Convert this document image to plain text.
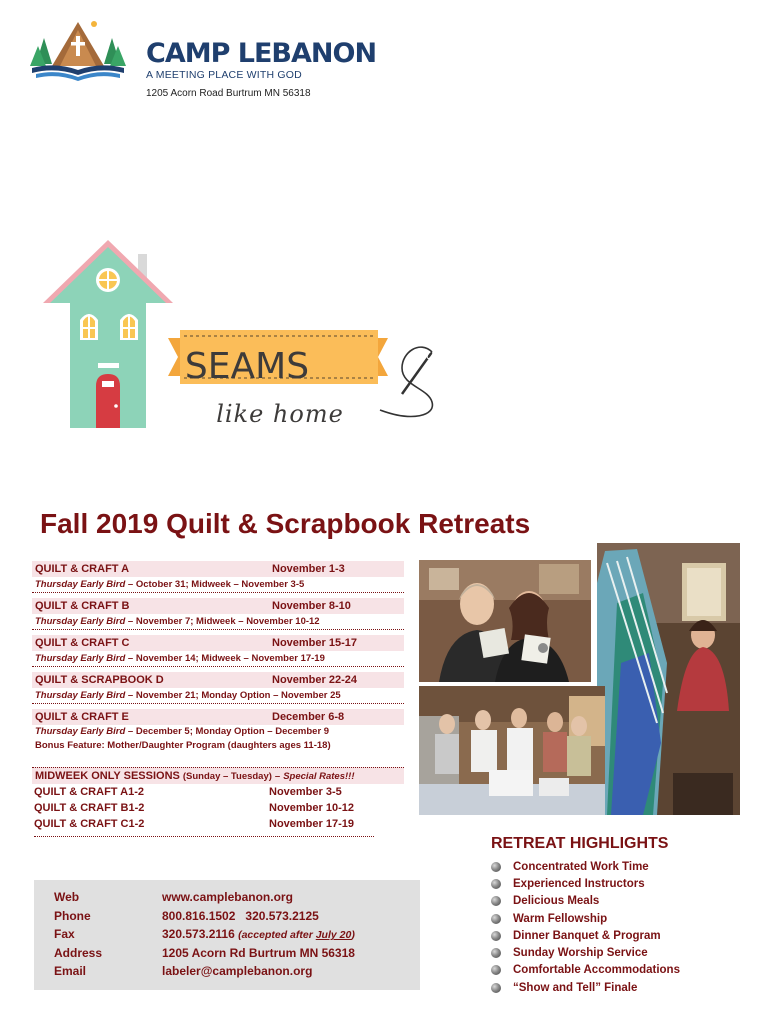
CAMP LEBANON
A MEETING PLACE WITH GOD
1205 Acorn Road Burtrum MN 56318
SEAMS
like home
Fall 2019 Quilt & Scrapbook Retreats
QUILT & CRAFT A	November 1-3
Thursday Early Bird – October 31; Midweek – November 3-5
QUILT & CRAFT B	November 8-10
Thursday Early Bird – November 7; Midweek – November 10-12
QUILT & CRAFT C	November 15-17
Thursday Early Bird – November 14; Midweek – November 17-19
QUILT & SCRAPBOOK D	November 22-24
Thursday Early Bird – November 21; Monday Option – November 25
QUILT & CRAFT E	December 6-8
Thursday Early Bird – December 5; Monday Option – December 9
Bonus Feature: Mother/Daughter Program (daughters ages 11-18)
MIDWEEK ONLY SESSIONS (Sunday – Tuesday) – Special Rates!!!
QUILT & CRAFT A1-2	November 3-5
QUILT & CRAFT B1-2	November 10-12
QUILT & CRAFT C1-2	November 17-19
Web	www.camplebanon.org
Phone	800.816.1502   320.573.2125
Fax	320.573.2116 (accepted after July 20)
Address	1205 Acorn Rd Burtrum MN 56318
Email	labeler@camplebanon.org
RETREAT HIGHLIGHTS
Concentrated Work Time
Experienced Instructors
Delicious Meals
Warm Fellowship
Dinner Banquet & Program
Sunday Worship Service
Comfortable Accommodations
“Show and Tell” Finale
